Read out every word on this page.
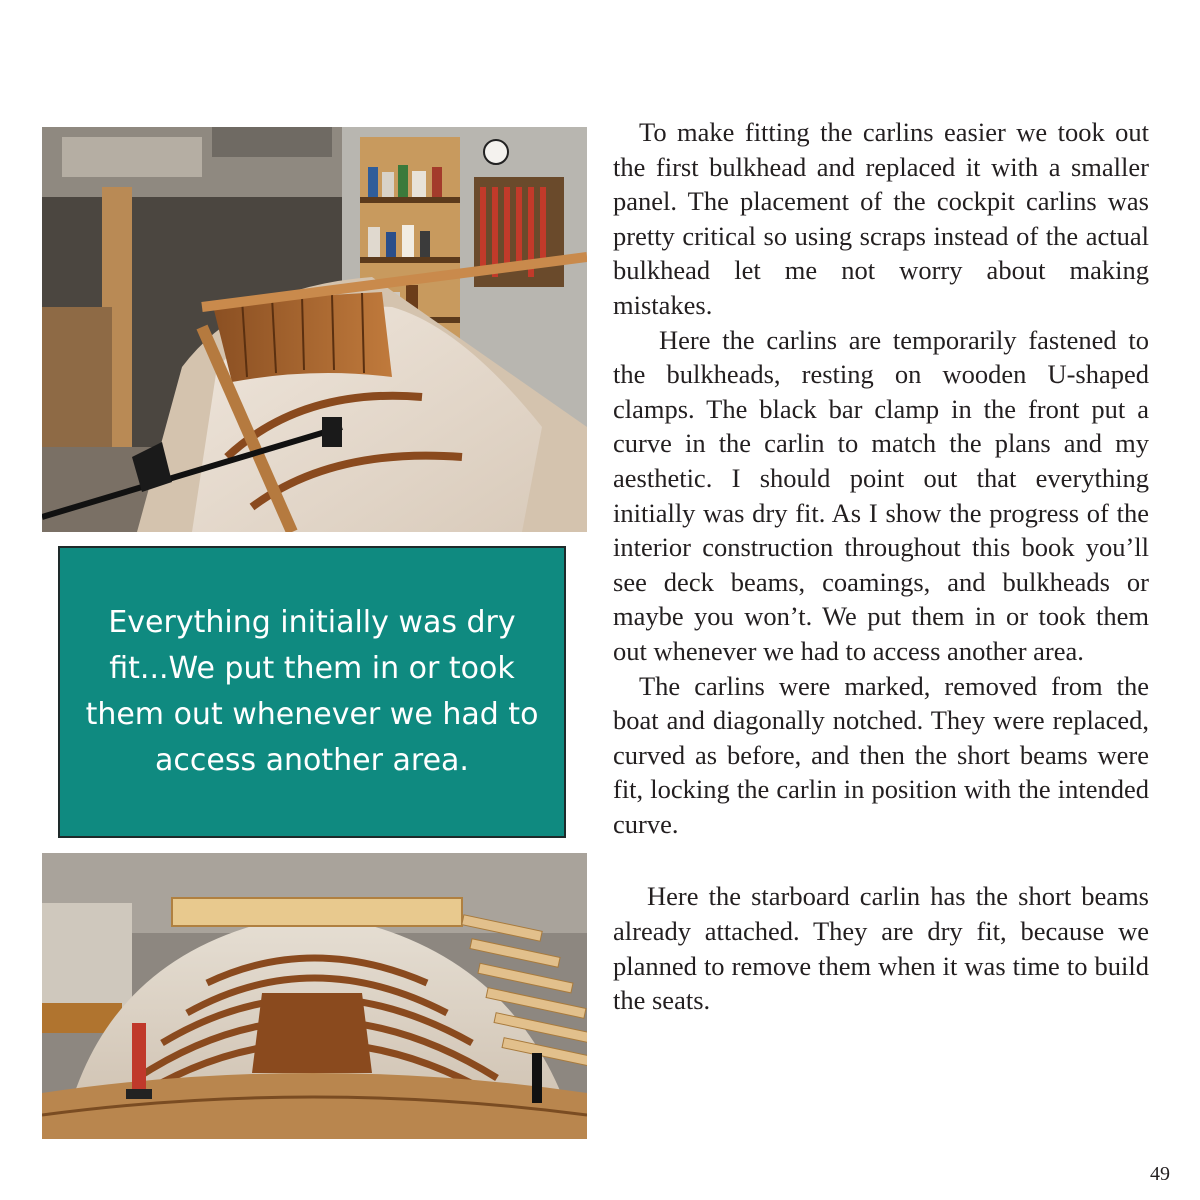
Everything initially was dry fit...We put them in or took them out whenever we had to access another area.

To make fitting the carlins easier we took out the first bulkhead and replaced it with a smaller panel. The placement of the cockpit carlins was pretty critical so using scraps instead of the actual bulkhead let me not worry about making mistakes.

Here the carlins are temporarily fastened to the bulkheads, resting on wooden U-shaped clamps. The black bar clamp in the front put a curve in the carlin to match the plans and my aesthetic. I should point out that everything initially was dry fit. As I show the progress of the interior construction throughout this book you’ll see deck beams, coamings, and bulkheads or maybe you won’t. We put them in or took them out whenever we had to access another area.

The carlins were marked, removed from the boat and diagonally notched. They were replaced, curved as before, and then the short beams were fit, locking the carlin in position with the intended curve.

Here the starboard carlin has the short beams already attached. They are dry fit, because we planned to remove them when it was time to build the seats.

49
